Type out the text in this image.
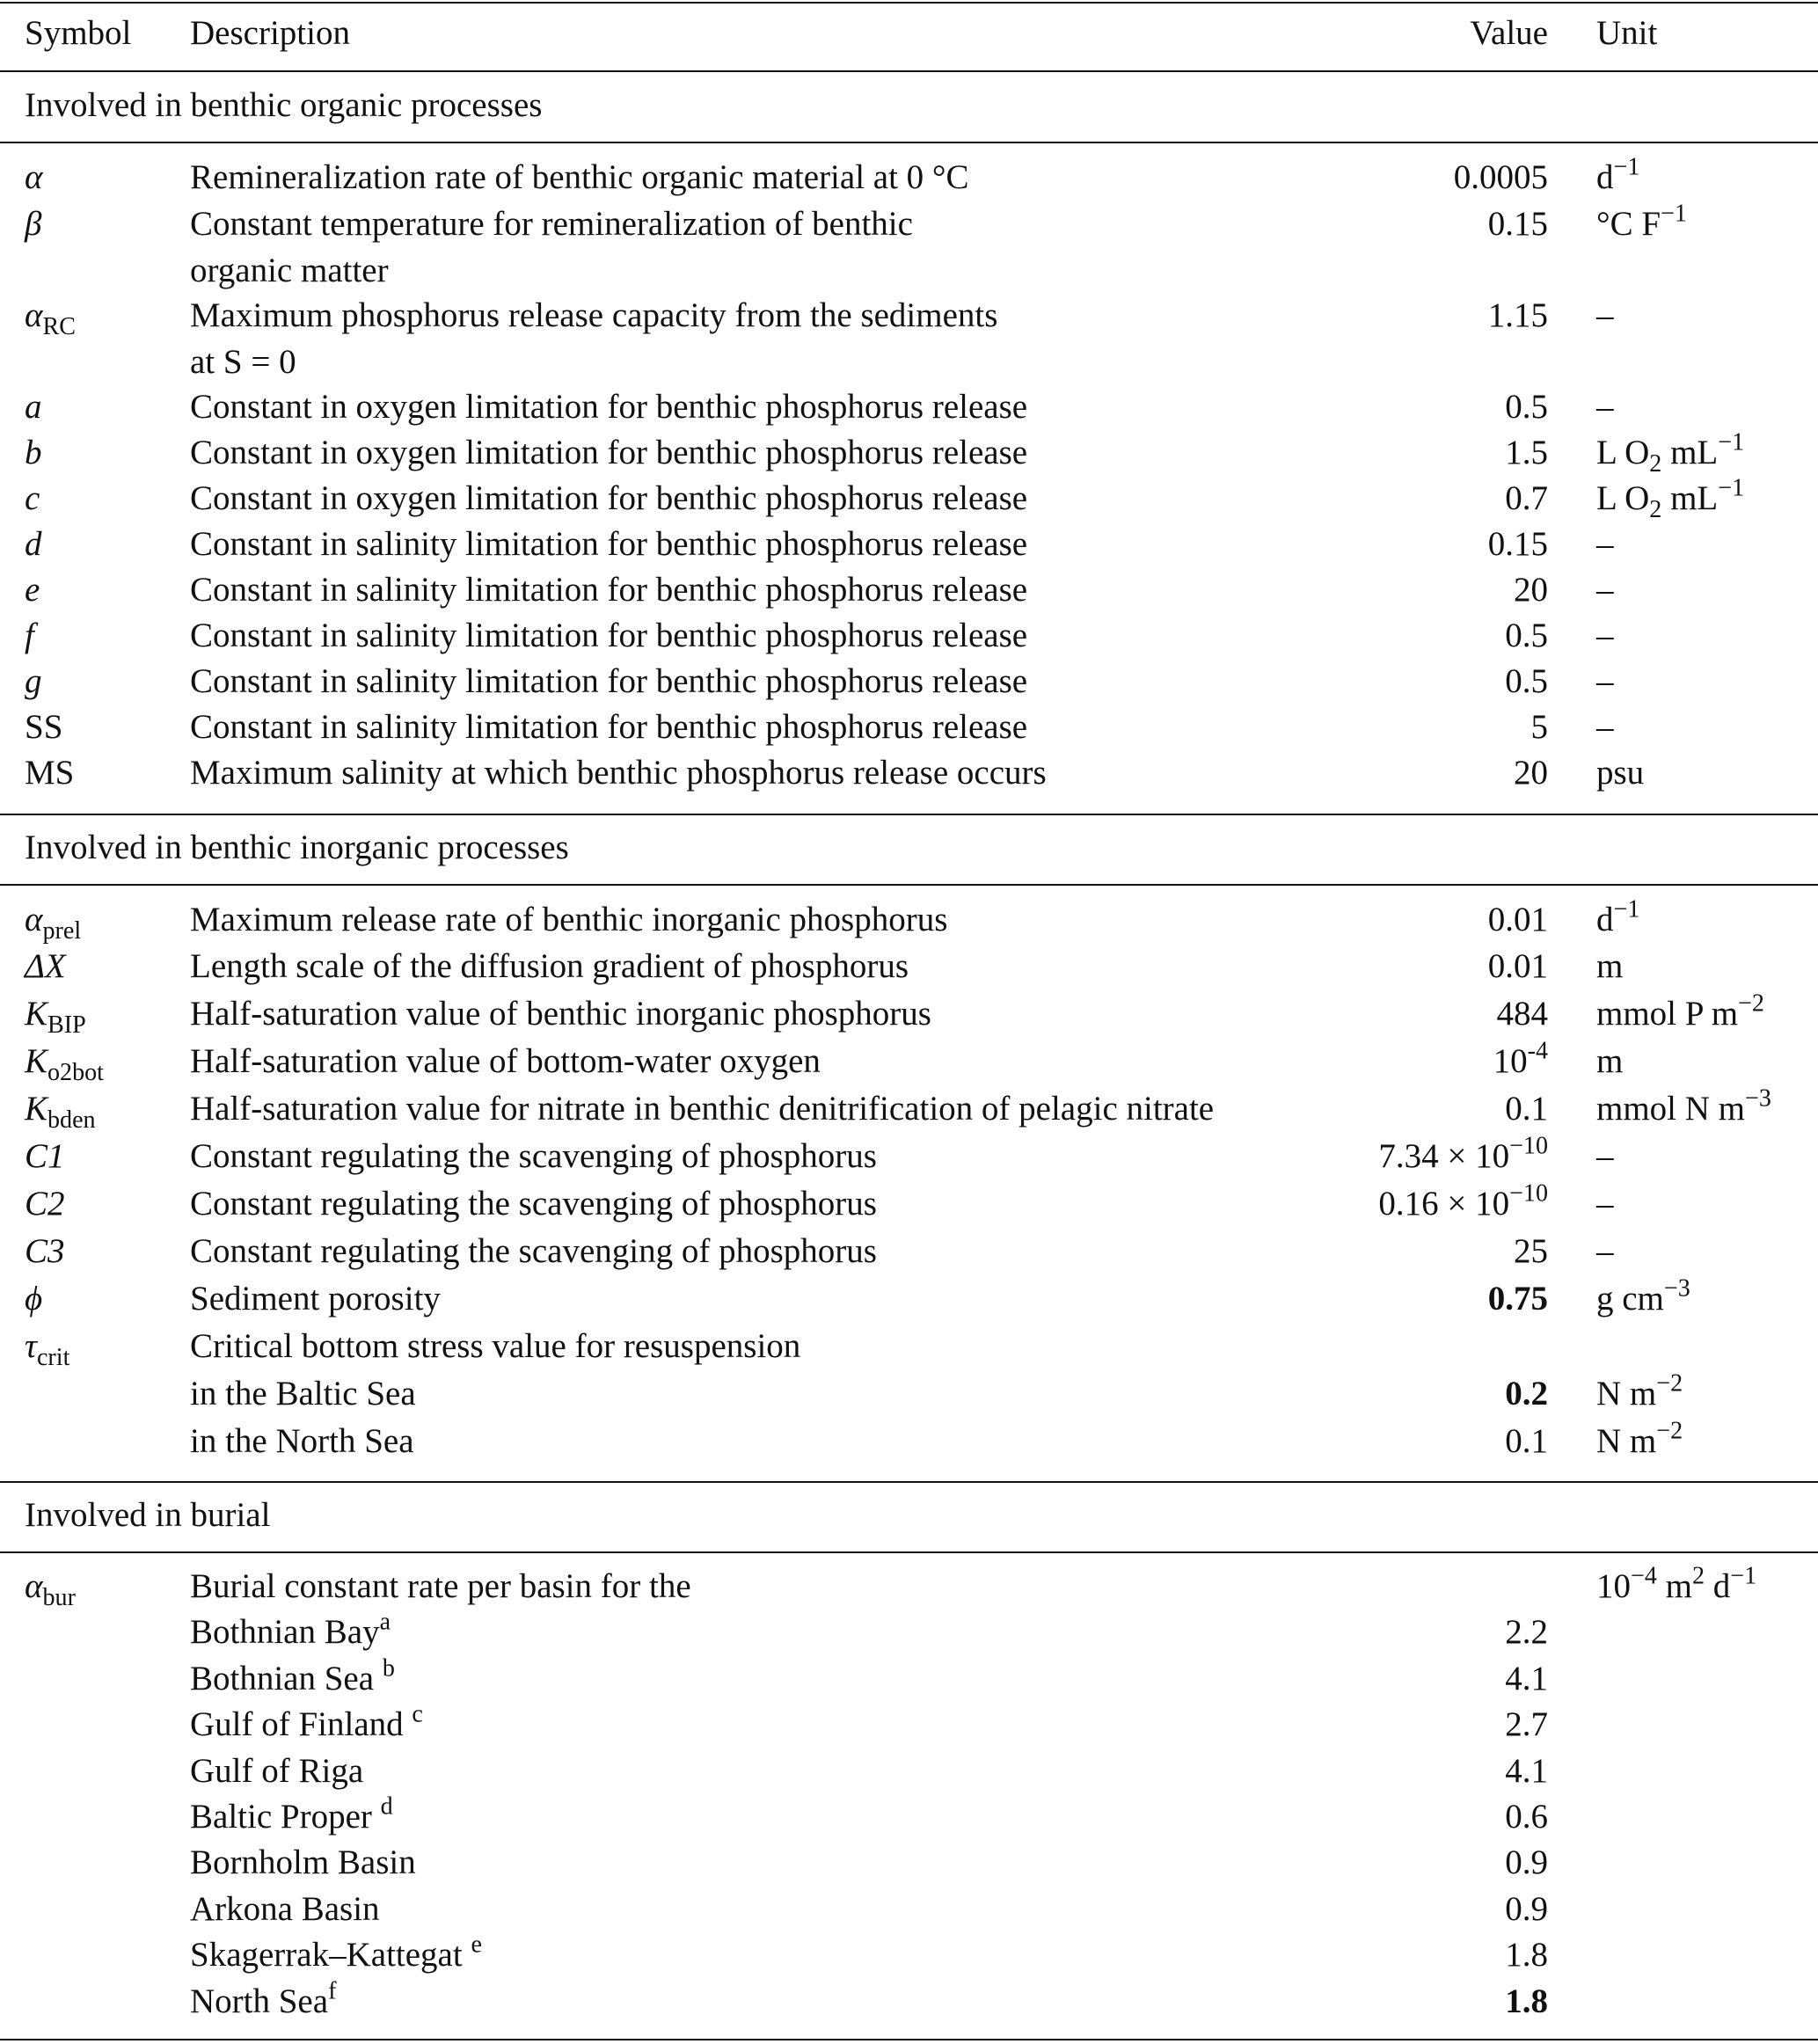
Symbol Description	Value Unit
Involved in benthic organic processes
α	Remineralization rate of benthic organic material at 0 °C	0.0005 $d^{-1}$
β	Constant temperature for remineralization of benthic	0.15 °C $F^{-1}$
organic matter
$\alpha_{RC}$	Maximum phosphorus release capacity from the sediments	1.15 –
at S = 0
a	Constant in oxygen limitation for benthic phosphorus release	0.5 –
b	Constant in oxygen limitation for benthic phosphorus release	1.5 L $O_2$ $mL^{-1}$
c	Constant in oxygen limitation for benthic phosphorus release	0.7 L $O_2$ $mL^{-1}$
d	Constant in salinity limitation for benthic phosphorus release	0.15 –
e	Constant in salinity limitation for benthic phosphorus release	20 –
f	Constant in salinity limitation for benthic phosphorus release	0.5 –
g	Constant in salinity limitation for benthic phosphorus release	0.5 –
SS	Constant in salinity limitation for benthic phosphorus release	5 –
MS	Maximum salinity at which benthic phosphorus release occurs	20 psu
Involved in benthic inorganic processes
$\alpha_{prel}$	Maximum release rate of benthic inorganic phosphorus	0.01 $d^{-1}$
ΔX	Length scale of the diffusion gradient of phosphorus	0.01 m
$K_{BIP}$	Half-saturation value of benthic inorganic phosphorus	484 mmol P $m^{-2}$
$K_{o2bot}$	Half-saturation value of bottom-water oxygen	$10^{-4}$ m
$K_{bden}$	Half-saturation value for nitrate in benthic denitrification of pelagic nitrate	0.1 mmol N $m^{-3}$
C1	Constant regulating the scavenging of phosphorus	$7.34 \times 10^{-10}$ –
C2	Constant regulating the scavenging of phosphorus	$0.16 \times 10^{-10}$ –
C3	Constant regulating the scavenging of phosphorus	25 –
ϕ	Sediment porosity	0.75 g $cm^{-3}$
$\tau_{crit}$	Critical bottom stress value for resuspension
in the Baltic Sea	0.2 N $m^{-2}$
in the North Sea	0.1 N $m^{-2}$
Involved in burial
$\alpha_{bur}$	Burial constant rate per basin for the	$10^{-4}$ $m^2$ $d^{-1}$
Bothnian Bay$^a$	2.2
Bothnian Sea $^b$	4.1
Gulf of Finland $^c$	2.7
Gulf of Riga	4.1
Baltic Proper $^d$	0.6
Bornholm Basin	0.9
Arkona Basin	0.9
Skagerrak–Kattegat $^e$	1.8
North Sea$^f$	1.8
